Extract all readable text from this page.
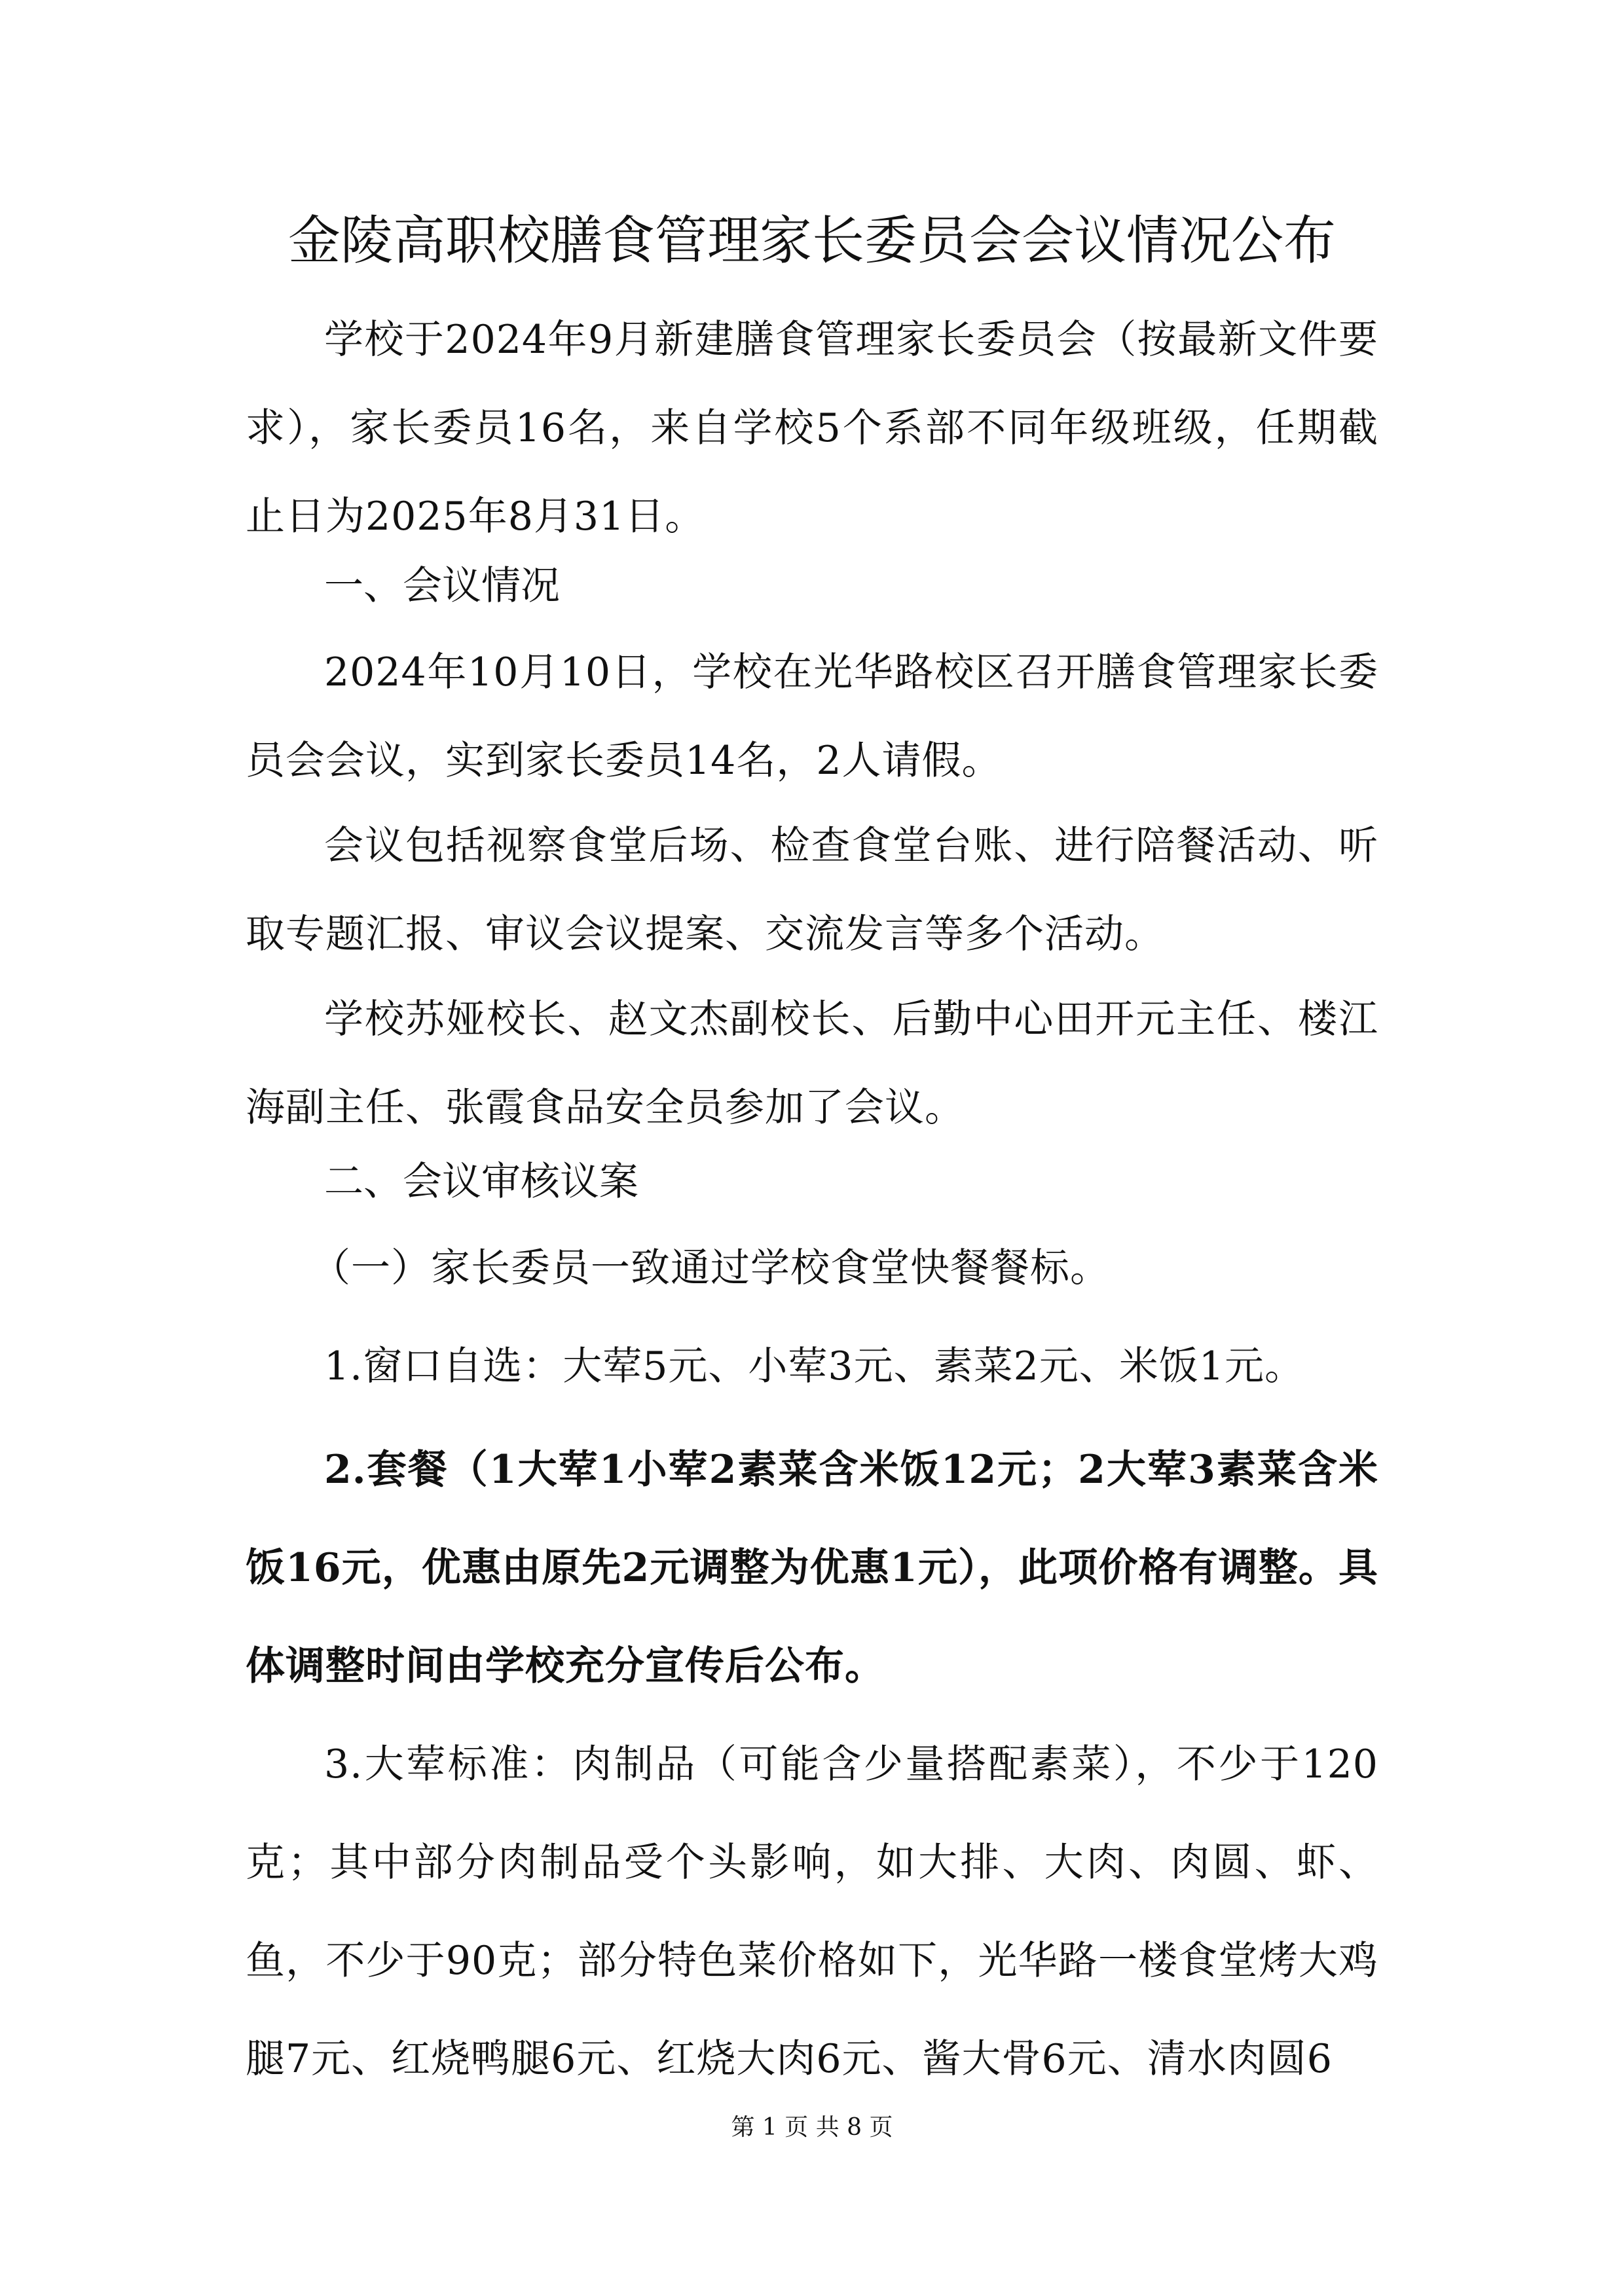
金陵高职校膳食管理家长委员会会议情况公布

学校于2024年9月新建膳食管理家长委员会（按最新文件要求），家长委员16名，来自学校5个系部不同年级班级，任期截止日为2025年8月31日。

一、会议情况

2024年10月10日，学校在光华路校区召开膳食管理家长委员会会议，实到家长委员14名，2人请假。

会议包括视察食堂后场、检查食堂台账、进行陪餐活动、听取专题汇报、审议会议提案、交流发言等多个活动。

学校苏娅校长、赵文杰副校长、后勤中心田开元主任、楼江海副主任、张霞食品安全员参加了会议。

二、会议审核议案

（一）家长委员一致通过学校食堂快餐餐标。

1.窗口自选：大荤5元、小荤3元、素菜2元、米饭1元。

2.套餐（1大荤1小荤2素菜含米饭12元；2大荤3素菜含米饭16元，优惠由原先2元调整为优惠1元），此项价格有调整。具体调整时间由学校充分宣传后公布。

3.大荤标准：肉制品（可能含少量搭配素菜），不少于120克；其中部分肉制品受个头影响，如大排、大肉、肉圆、虾、鱼，不少于90克；部分特色菜价格如下，光华路一楼食堂烤大鸡腿7元、红烧鸭腿6元、红烧大肉6元、酱大骨6元、清水肉圆6

第 1 页 共 8 页
